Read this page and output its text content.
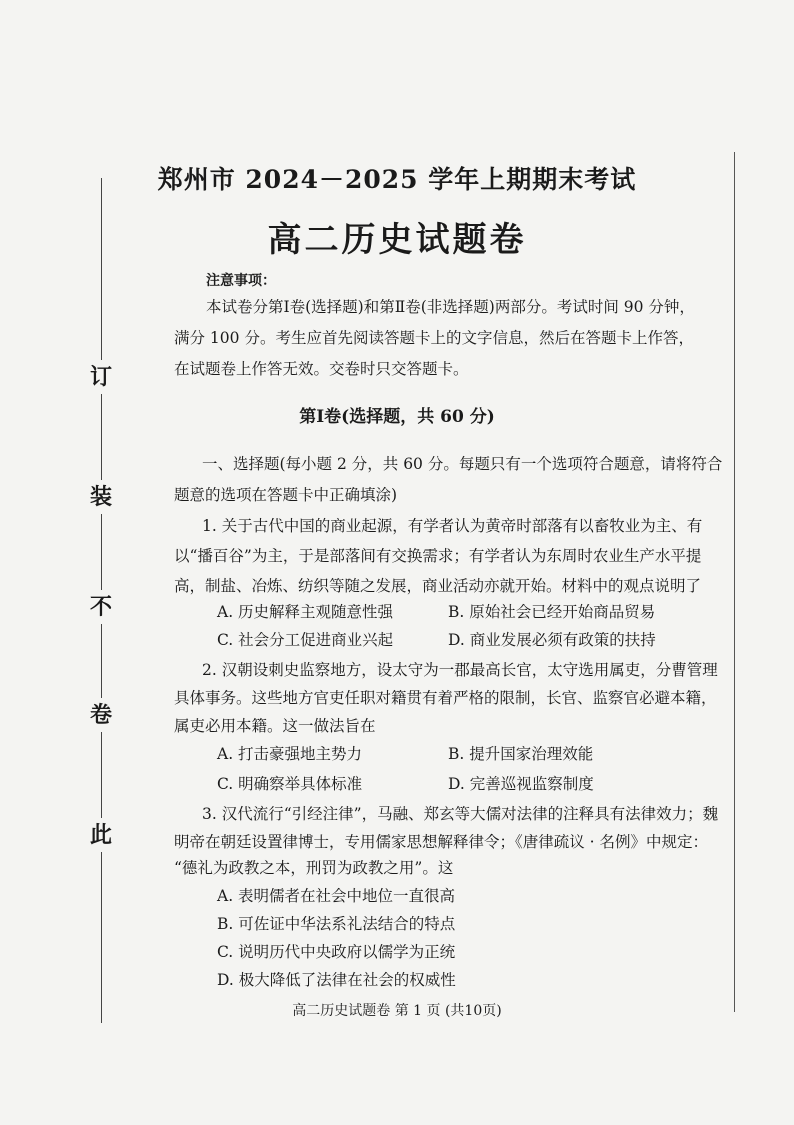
此
卷
不
装
订
郑州市 2024－2025 学年上期期末考试
高二历史试题卷
注意事项：
本试卷分第Ⅰ卷(选择题)和第Ⅱ卷(非选择题)两部分。考试时间 90 分钟，满分 100 分。考生应首先阅读答题卡上的文字信息，然后在答题卡上作答，在试题卷上作答无效。交卷时只交答题卡。
第Ⅰ卷(选择题，共 60 分)
一、选择题(每小题 2 分，共 60 分。每题只有一个选项符合题意，请将符合
题意的选项在答题卡中正确填涂)
1. 关于古代中国的商业起源，有学者认为黄帝时部落有以畜牧业为主、有
以“播百谷”为主，于是部落间有交换需求；有学者认为东周时农业生产水平提
高，制盐、冶炼、纺织等随之发展，商业活动亦就开始。材料中的观点说明了
A. 历史解释主观随意性强	B. 原始社会已经开始商品贸易
C. 社会分工促进商业兴起	D. 商业发展必须有政策的扶持
2. 汉朝设刺史监察地方，设太守为一郡最高长官，太守选用属吏，分曹管理
具体事务。这些地方官吏任职对籍贯有着严格的限制，长官、监察官必避本籍，
属吏必用本籍。这一做法旨在
A. 打击豪强地主势力	B. 提升国家治理效能
C. 明确察举具体标准	D. 完善巡视监察制度
3. 汉代流行“引经注律”，马融、郑玄等大儒对法律的注释具有法律效力；魏
明帝在朝廷设置律博士，专用儒家思想解释律令；《唐律疏议 · 名例》中规定：
“德礼为政教之本，刑罚为政教之用”。这
A. 表明儒者在社会中地位一直很高
B. 可佐证中华法系礼法结合的特点
C. 说明历代中央政府以儒学为正统
D. 极大降低了法律在社会的权威性
高二历史试题卷 第 1 页 (共10页)
